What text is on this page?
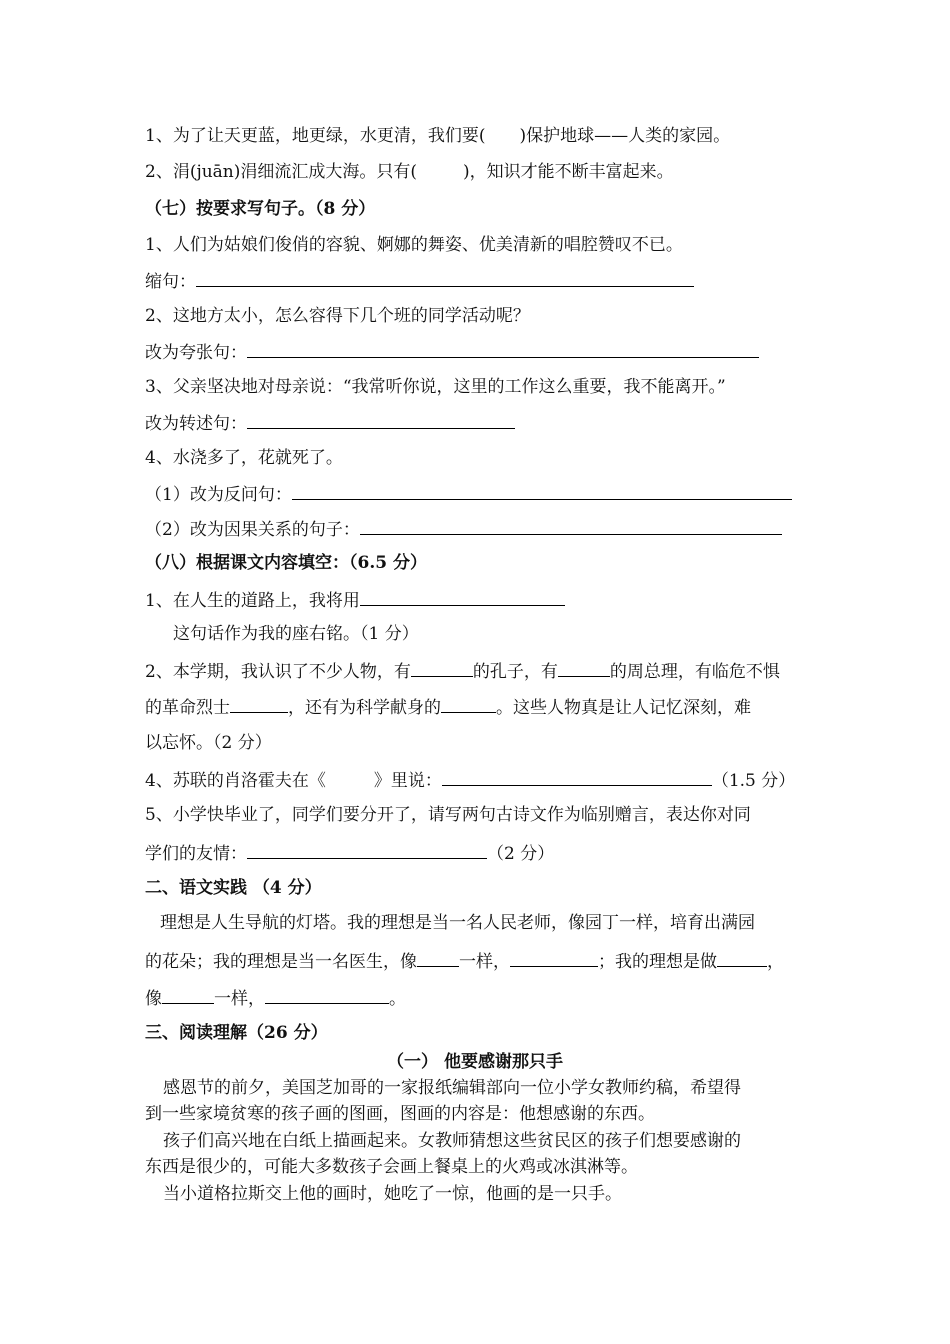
1、为了让天更蓝，地更绿，水更清，我们要( )保护地球——人类的家园。
2、涓(juān)涓细流汇成大海。只有(	)，知识才能不断丰富起来。
（七）按要求写句子。（8 分）
1、人们为姑娘们俊俏的容貌、婀娜的舞姿、优美清新的唱腔赞叹不已。
缩句：
2、这地方太小，怎么容得下几个班的同学活动呢？
改为夸张句：
3、父亲坚决地对母亲说：“我常听你说，这里的工作这么重要，我不能离开。”
改为转述句：
4、水浇多了，花就死了。
（1）改为反问句：
（2）改为因果关系的句子：
（八）根据课文内容填空：（6.5 分）
1、在人生的道路上，我将用
这句话作为我的座右铭。（1 分）
2、本学期，我认识了不少人物，有	的孔子，有	的周总理，有临危不惧
的革命烈士	，还有为科学献身的	。这些人物真是让人记忆深刻，难
以忘怀。（2 分）
4、苏联的肖洛霍夫在《	》里说：	（1.5 分）
5、小学快毕业了，同学们要分开了，请写两句古诗文作为临别赠言，表达你对同
学们的友情：	（2 分）
二、语文实践 （4 分）
理想是人生导航的灯塔。我的理想是当一名人民老师，像园丁一样，培育出满园
的花朵；我的理想是当一名医生，像 一样，	；我的理想是做	，
像	一样，	。
三、阅读理解（26 分）
（一） 他要感谢那只手
感恩节的前夕，美国芝加哥的一家报纸编辑部向一位小学女教师约稿，希望得
到一些家境贫寒的孩子画的图画，图画的内容是：他想感谢的东西。
孩子们高兴地在白纸上描画起来。女教师猜想这些贫民区的孩子们想要感谢的
东西是很少的，可能大多数孩子会画上餐桌上的火鸡或冰淇淋等。
当小道格拉斯交上他的画时，她吃了一惊，他画的是一只手。
